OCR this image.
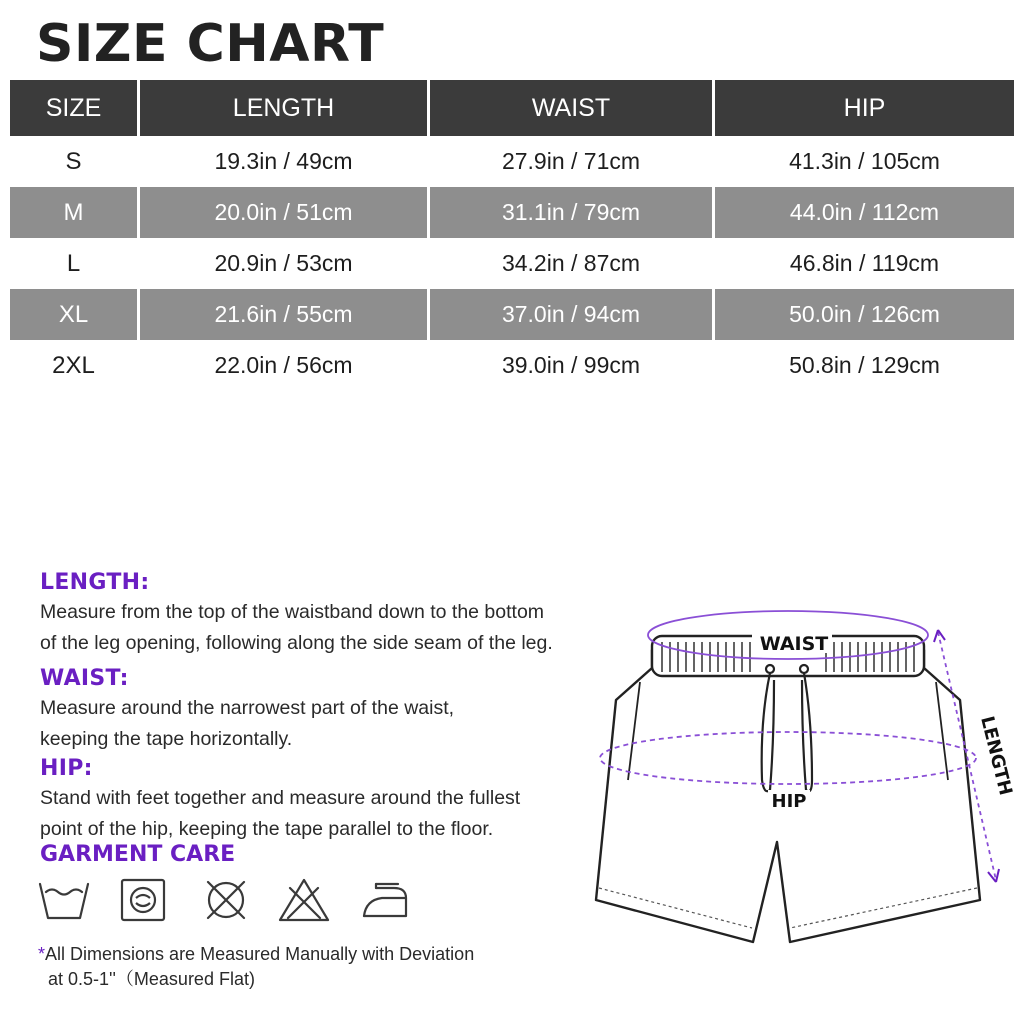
SIZE CHART
SIZE	LENGTH	WAIST	HIP
S	19.3in / 49cm	27.9in / 71cm	41.3in / 105cm
M	20.0in / 51cm	31.1in / 79cm	44.0in / 112cm
L	20.9in / 53cm	34.2in / 87cm	46.8in / 119cm
XL	21.6in / 55cm	37.0in / 94cm	50.0in / 126cm
2XL	22.0in / 56cm	39.0in / 99cm	50.8in / 129cm
LENGTH:

Measure from the top of the waistband down to the bottom
of the leg opening, following along the side seam of the leg.

WAIST:

Measure around the narrowest part of the waist,
keeping the tape horizontally.

HIP:

Stand with feet together and measure around the fullest
point of the hip, keeping the tape parallel to the floor.

GARMENT CARE
*All Dimensions are Measured Manually with Deviation
at 0.5-1''（Measured Flat)
WAIST
HIP
LENGTH
